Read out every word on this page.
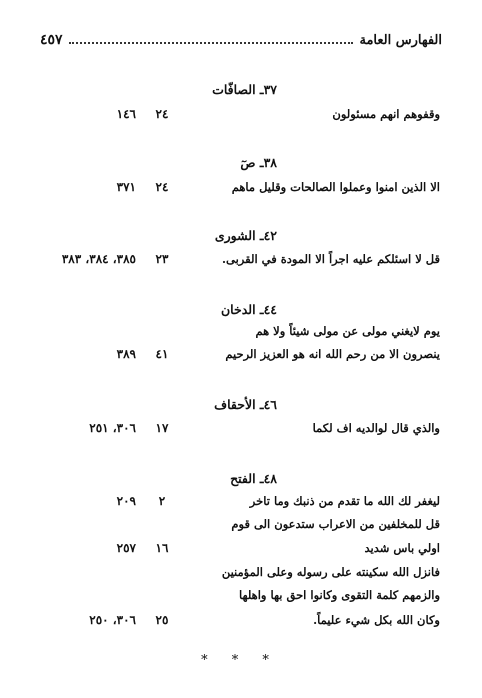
الفهارس العامة
٤٥٧
٣٧ـ الصافّات
وقفوهم انهم مسئولون
٢٤
١٤٦
٣٨ـ صٓ
الا الذين امنوا وعملوا الصالحات وقليل ماهم
٢٤
٣٧١
٤٢ـ الشورى
قل لا اسئلكم عليه اجراً الا المودة في القربى.
٢٣
٣٨٥، ٣٨٤، ٣٨٣
٤٤ـ الدخان
يوم لايغني مولى عن مولى شيئاً ولا هم
ينصرون الا من رحم الله انه هو العزيز الرحيم
٤١
٣٨٩
٤٦ـ الأحقاف
والذي قال لوالديه اف لكما
١٧
٣٠٦، ٢٥١
٤٨ـ الفتح
ليغفر لك الله ما تقدم من ذنبك وما تاخر
٢
٢٠٩
قل للمخلفين من الاعراب ستدعون الى قوم
اولي باس شديد
١٦
٢٥٧
فانزل الله سكينته على رسوله وعلى المؤمنين
والزمهم كلمة التقوى وكانوا احق بها واهلها
وكان الله بكل شيء عليماً.
٢٥
٣٠٦، ٢٥٠
* * *
